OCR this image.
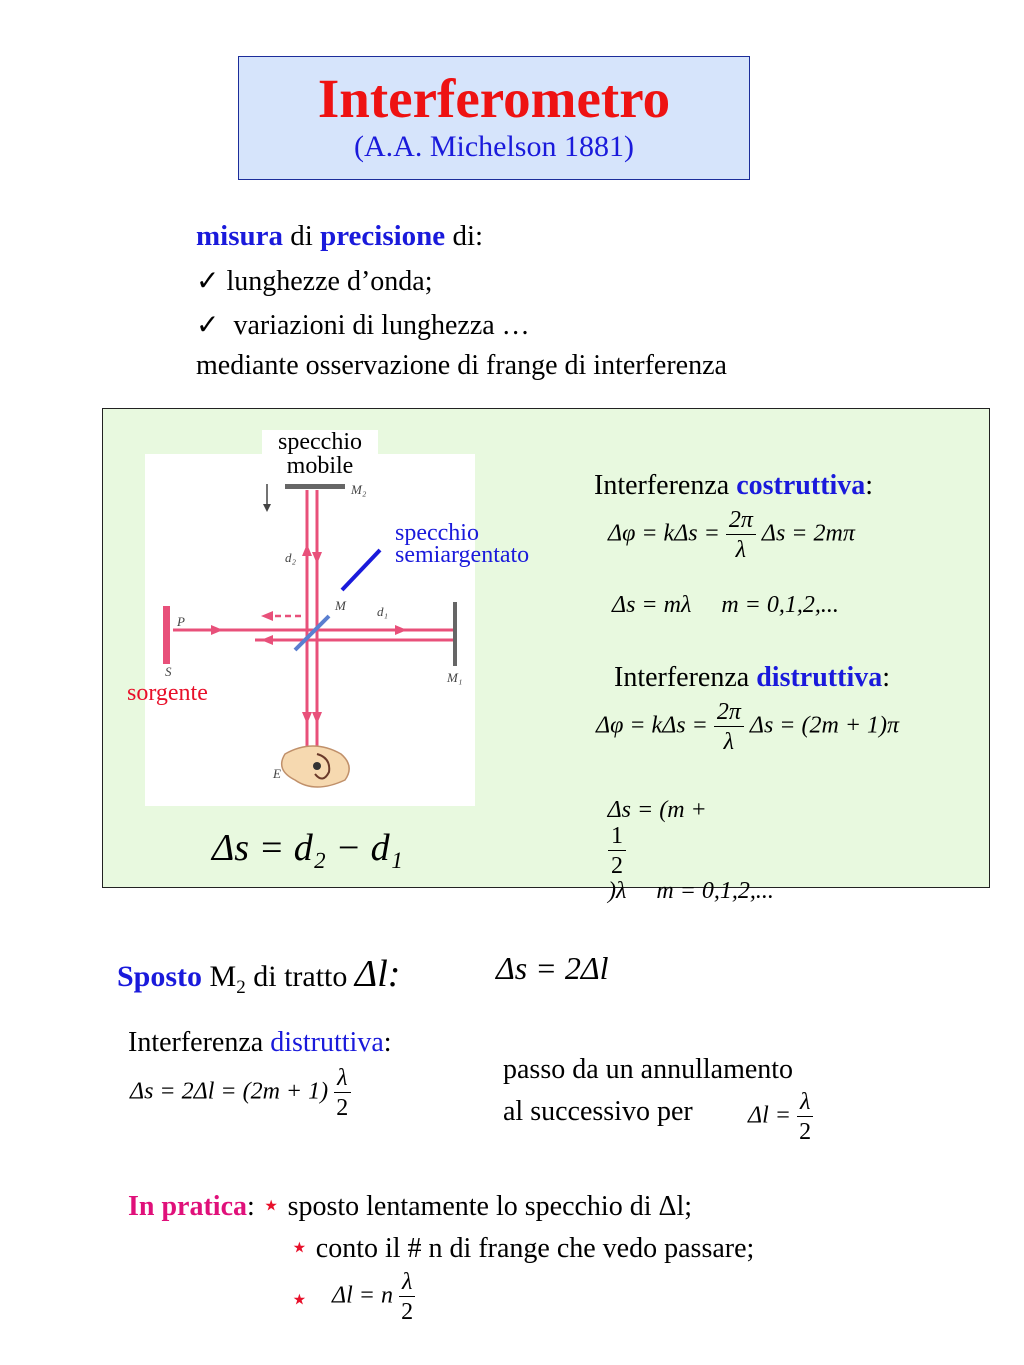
Interferometro
(A.A. Michelson 1881)
misura di precisione di:
✓ lunghezze d’onda;
✓ variazioni di lunghezza …
mediante osservazione di frange di interferenza
M₂
d₂
d₁
P
S	M₁
M
E
specchio
mobile
specchio
semiargentato
sorgente
Δs = d₂ − d₁
Interferenza costruttiva:
$\Delta\varphi = k\Delta s = \frac{2\pi}{\lambda}$ Δs = 2mπ
Δs = mλ     m = 0,1,2,...
Interferenza distruttiva:
$\Delta\varphi = k\Delta s = \frac{2\pi}{\lambda}$ Δs = (2m + 1)π

Δs = (m +

$\frac{1}{2}$

)λ     m = 0,1,2,...

Sposto $M_2$ di tratto Δl:	Δs = 2Δl
Interferenza distruttiva:
$\Delta s = 2\Delta l = (2m + 1) \frac{\lambda}{2}$	passo da un annullamento
al successivo per $\Delta l = \frac{\lambda}{2}$
In pratica: ⋆ sposto lentamente lo specchio di Δl;
⋆ conto il # n di frange che vedo passare;
⋆ Δl = n $\frac{\lambda}{2}$
